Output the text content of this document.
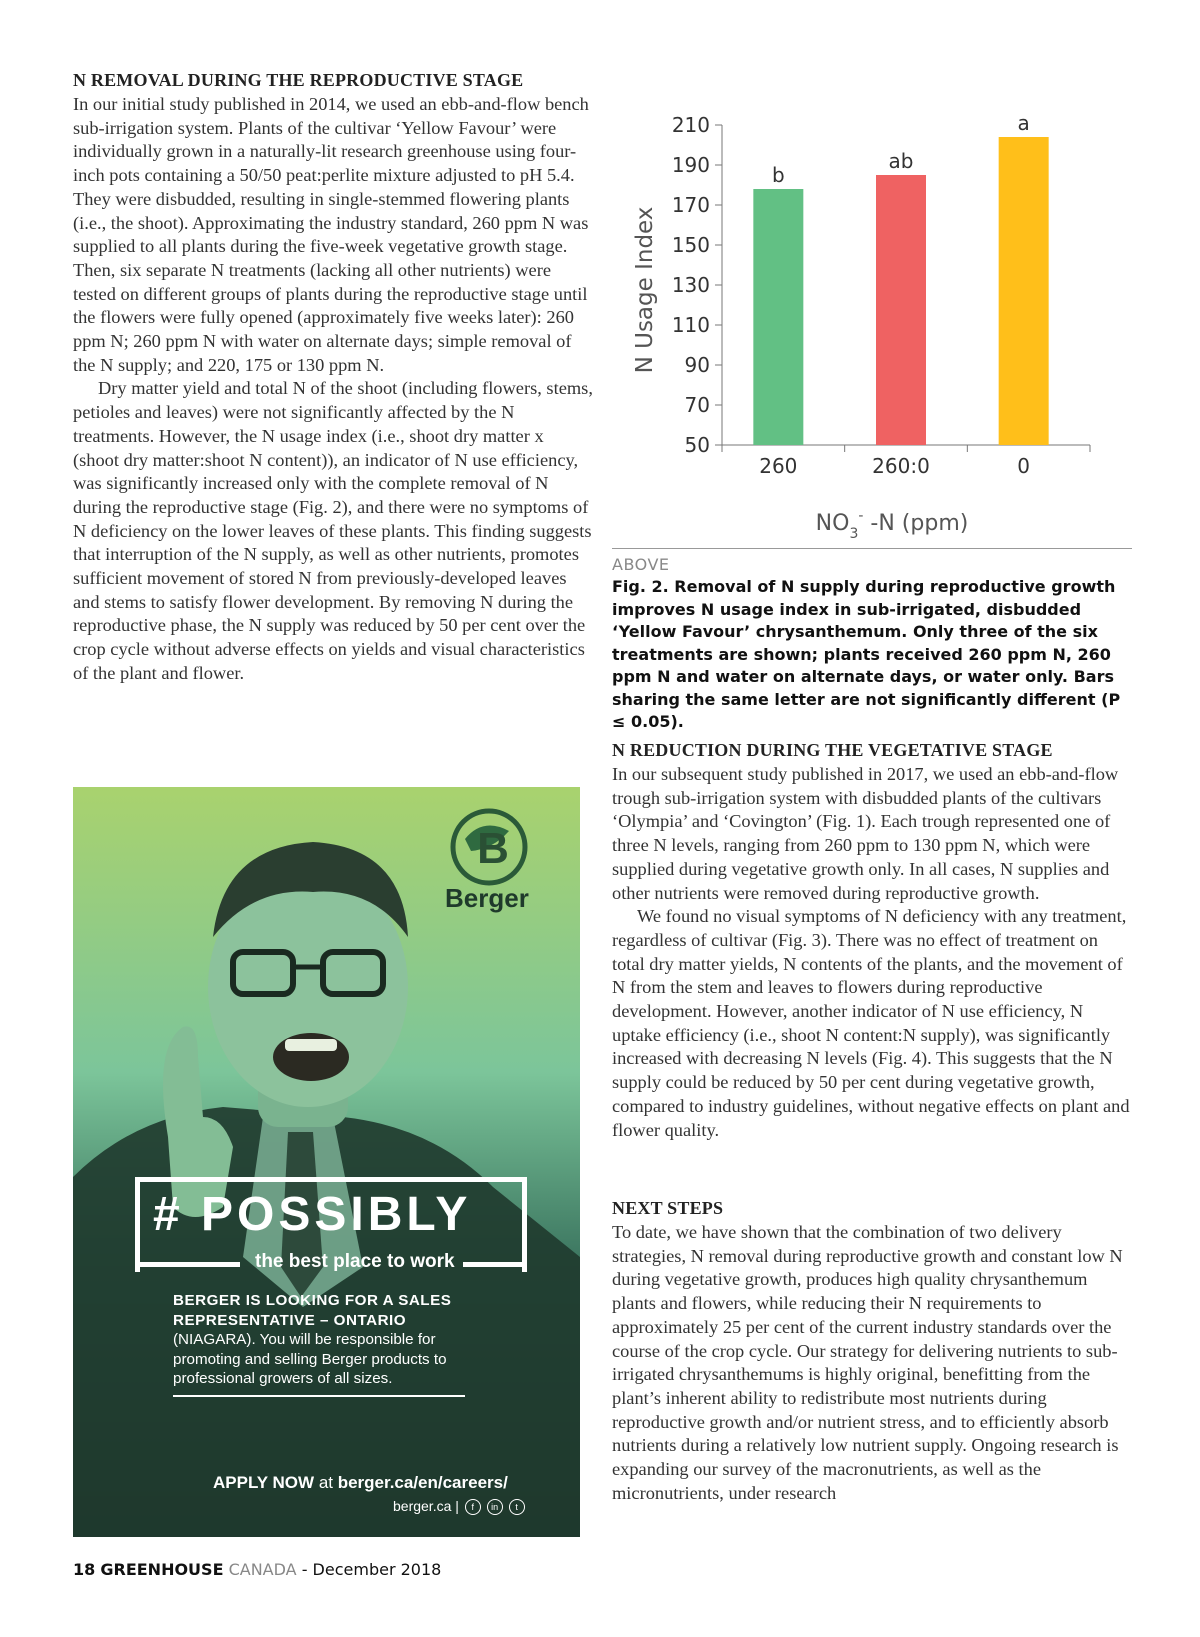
N REMOVAL DURING THE REPRODUCTIVE STAGE

In our initial study published in 2014, we used an ebb-and-flow bench sub-irrigation system. Plants of the cultivar ‘Yellow Favour’ were individually grown in a naturally-lit research greenhouse using four-inch pots containing a 50/50 peat:perlite mixture adjusted to pH 5.4. They were disbudded, resulting in single-stemmed flowering plants (i.e., the shoot). Approximating the industry standard, 260 ppm N was supplied to all plants during the five-week vegetative growth stage. Then, six separate N treatments (lacking all other nutrients) were tested on different groups of plants during the reproductive stage until the flowers were fully opened (approximately five weeks later): 260 ppm N; 260 ppm N with water on alternate days; simple removal of the N supply; and 220, 175 or 130 ppm N.

Dry matter yield and total N of the shoot (including flowers, stems, petioles and leaves) were not significantly affected by the N treatments. However, the N usage index (i.e., shoot dry matter x (shoot dry matter:shoot N content)), an indicator of N use efficiency, was significantly increased only with the complete removal of N during the reproductive stage (Fig. 2), and there were no symptoms of N deficiency on the lower leaves of these plants. This finding suggests that interruption of the N supply, as well as other nutrients, promotes sufficient movement of stored N from previously-developed leaves and stems to satisfy flower development. By removing N during the reproductive phase, the N supply was reduced by 50 per cent over the crop cycle without adverse effects on yields and visual characteristics of the plant and flower.

50
70
90
110
130
150
170
190
210
b
260
ab
260:0
a
0
N Usage Index
$NO_3^-$ -N (ppm)
ABOVE
Fig. 2. Removal of N supply during reproductive growth improves N usage index in sub-irrigated, disbudded ‘Yellow Favour’ chrysanthemum. Only three of the six treatments are shown; plants received 260 ppm N, 260 ppm N and water on alternate days, or water only. Bars sharing the same letter are not significantly different (P ≤ 0.05).
N REDUCTION DURING THE VEGETATIVE STAGE

In our subsequent study published in 2017, we used an ebb-and-flow trough sub-irrigation system with disbudded plants of the cultivars ‘Olympia’ and ‘Covington’ (Fig. 1). Each trough represented one of three N levels, ranging from 260 ppm to 130 ppm N, which were supplied during vegetative growth only. In all cases, N supplies and other nutrients were removed during reproductive growth.

We found no visual symptoms of N deficiency with any treatment, regardless of cultivar (Fig. 3). There was no effect of treatment on total dry matter yields, N contents of the plants, and the movement of N from the stem and leaves to flowers during reproductive development. However, another indicator of N use efficiency, N uptake efficiency (i.e., shoot N content:N supply), was significantly increased with decreasing N levels (Fig. 4). This suggests that the N supply could be reduced by 50 per cent during vegetative growth, compared to industry guidelines, without negative effects on plant and flower quality.

NEXT STEPS

To date, we have shown that the combination of two delivery strategies, N removal during reproductive growth and constant low N during vegetative growth, produces high quality chrysanthemum plants and flowers, while reducing their N requirements to approximately 25 per cent of the current industry standards over the course of the crop cycle. Our strategy for delivering nutrients to sub-irrigated chrysanthemums is highly original, benefitting from the plant’s inherent ability to redistribute most nutrients during reproductive growth and/or nutrient stress, and to efficiently absorb nutrients during a relatively low nutrient supply. Ongoing research is expanding our survey of the macronutrients, as well as the micronutrients, under research

B
Berger
# POSSIBLY
the best place to work
BERGER IS LOOKING FOR A SALES REPRESENTATIVE – ONTARIO (NIAGARA). You will be responsible for promoting and selling Berger products to professional growers of all sizes.
APPLY NOW at berger.ca/en/careers/
berger.ca | f in t
18 GREENHOUSE CANADA - December 2018
